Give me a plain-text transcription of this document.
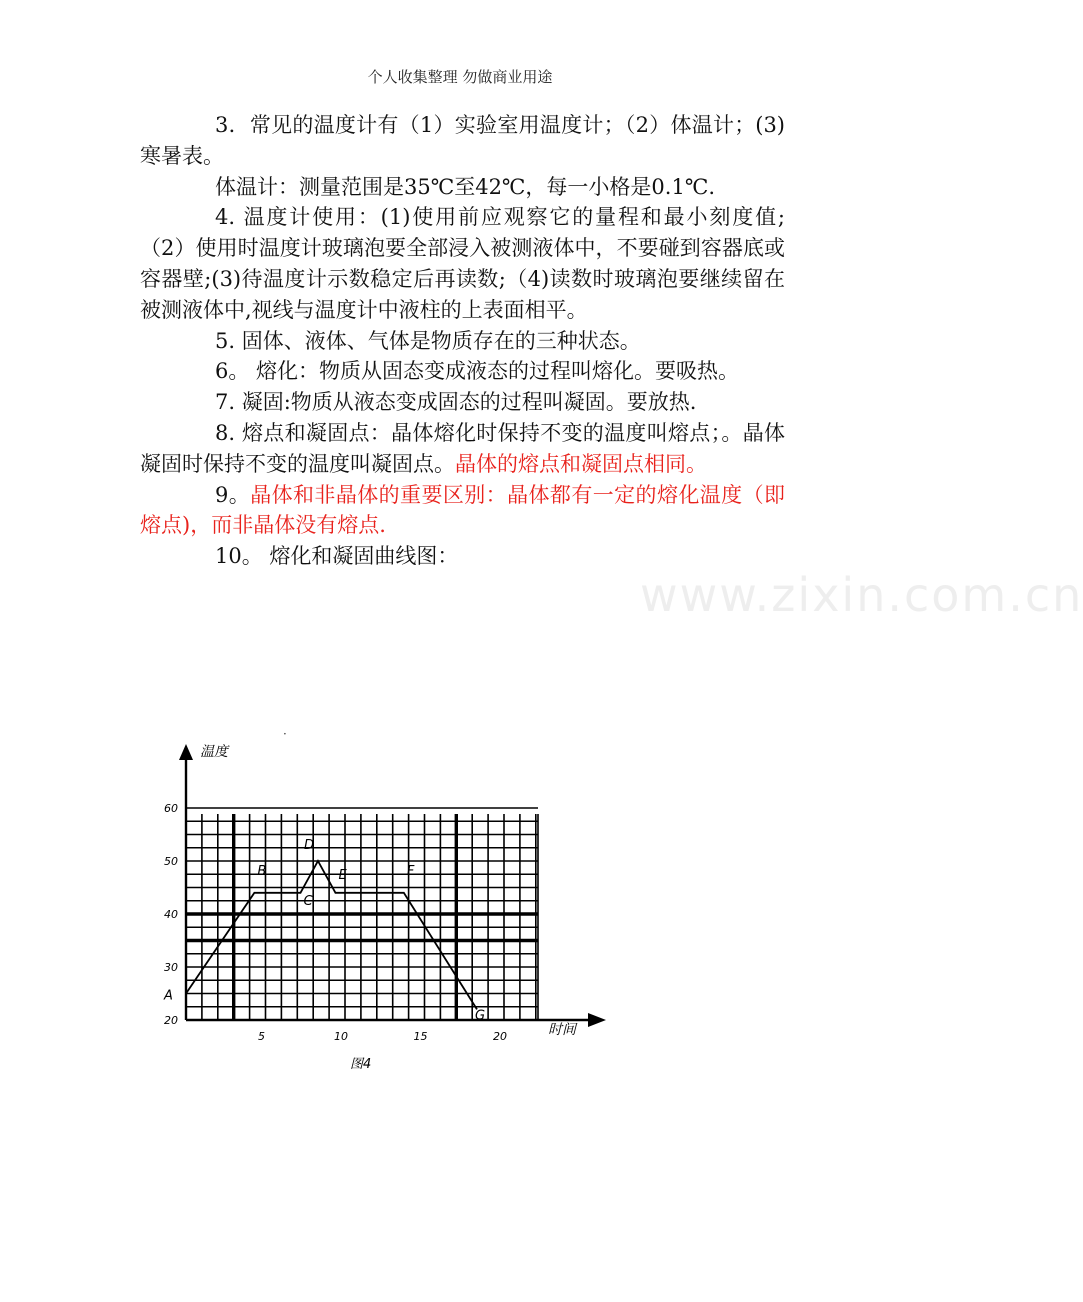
个人收集整理 勿做商业用途

3．常见的温度计有（1）实验室用温度计；（2）体温计；(3)寒暑表。

体温计：测量范围是35℃至42℃，每一小格是0.1℃.

4. 温度计使用：(1)使用前应观察它的量程和最小刻度值;（2）使用时温度计玻璃泡要全部浸入被测液体中，不要碰到容器底或容器壁;(3)待温度计示数稳定后再读数;（4)读数时玻璃泡要继续留在被测液体中,视线与温度计中液柱的上表面相平。

5. 固体、液体、气体是物质存在的三种状态。

6。 熔化：物质从固态变成液态的过程叫熔化。要吸热。

7. 凝固:物质从液态变成固态的过程叫凝固。要放热.

8. 熔点和凝固点：晶体熔化时保持不变的温度叫熔点；。晶体凝固时保持不变的温度叫凝固点。晶体的熔点和凝固点相同。

9。晶体和非晶体的重要区别：晶体都有一定的熔化温度（即熔点)，而非晶体没有熔点.

10。 熔化和凝固曲线图：

www.zixin.com.cn
·
20
30
40
50
60
5	10	15	20
温度
时间
图4
A
B
C
D
E	F
G
